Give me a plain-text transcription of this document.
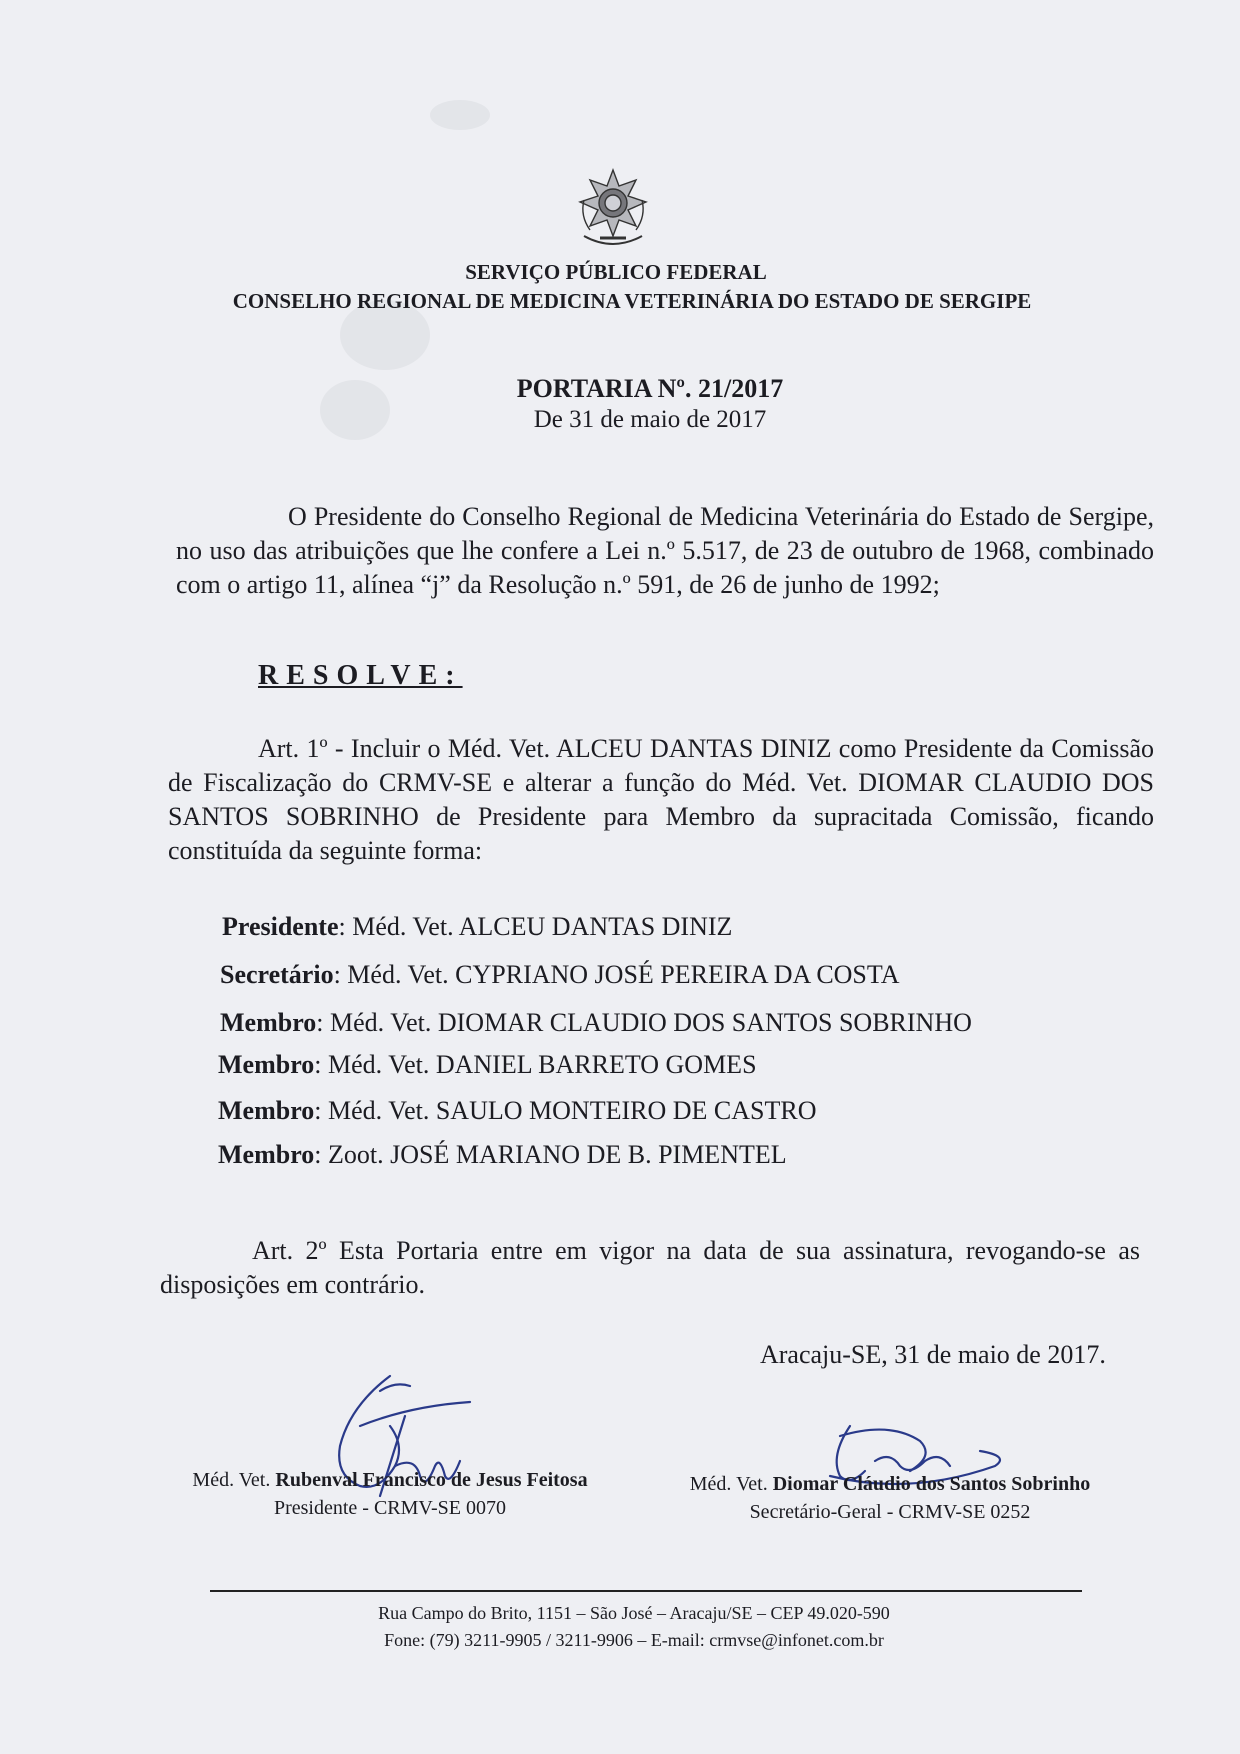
SERVIÇO PÚBLICO FEDERAL
CONSELHO REGIONAL DE MEDICINA VETERINÁRIA DO ESTADO DE SERGIPE
PORTARIA Nº. 21/2017
De 31 de maio de 2017

O Presidente do Conselho Regional de Medicina Veterinária do Estado de Sergipe, no uso das atribuições que lhe confere a Lei n.º 5.517, de 23 de outubro de 1968, combinado com o artigo 11, alínea “j” da Resolução n.º 591, de 26 de junho de 1992;

RESOLVE:

Art. 1º - Incluir o Méd. Vet. ALCEU DANTAS DINIZ como Presidente da Comissão de Fiscalização do CRMV-SE e alterar a função do Méd. Vet. DIOMAR CLAUDIO DOS SANTOS SOBRINHO de Presidente para Membro da supracitada Comissão, ficando constituída da seguinte forma:

Presidente: Méd. Vet. ALCEU DANTAS DINIZ
Secretário: Méd. Vet. CYPRIANO JOSÉ PEREIRA DA COSTA
Membro: Méd. Vet. DIOMAR CLAUDIO DOS SANTOS SOBRINHO
Membro: Méd. Vet. DANIEL BARRETO GOMES
Membro: Méd. Vet. SAULO MONTEIRO DE CASTRO
Membro: Zoot. JOSÉ MARIANO DE B. PIMENTEL

Art. 2º Esta Portaria entre em vigor na data de sua assinatura, revogando-se as disposições em contrário.

Aracaju-SE, 31 de maio de 2017.
Méd. Vet. Rubenval Francisco de Jesus Feitosa
Presidente - CRMV-SE 0070
Méd. Vet. Diomar Cláudio dos Santos Sobrinho
Secretário-Geral - CRMV-SE 0252
Rua Campo do Brito, 1151 – São José – Aracaju/SE – CEP 49.020-590
Fone: (79) 3211-9905 / 3211-9906 – E-mail: crmvse@infonet.com.br
